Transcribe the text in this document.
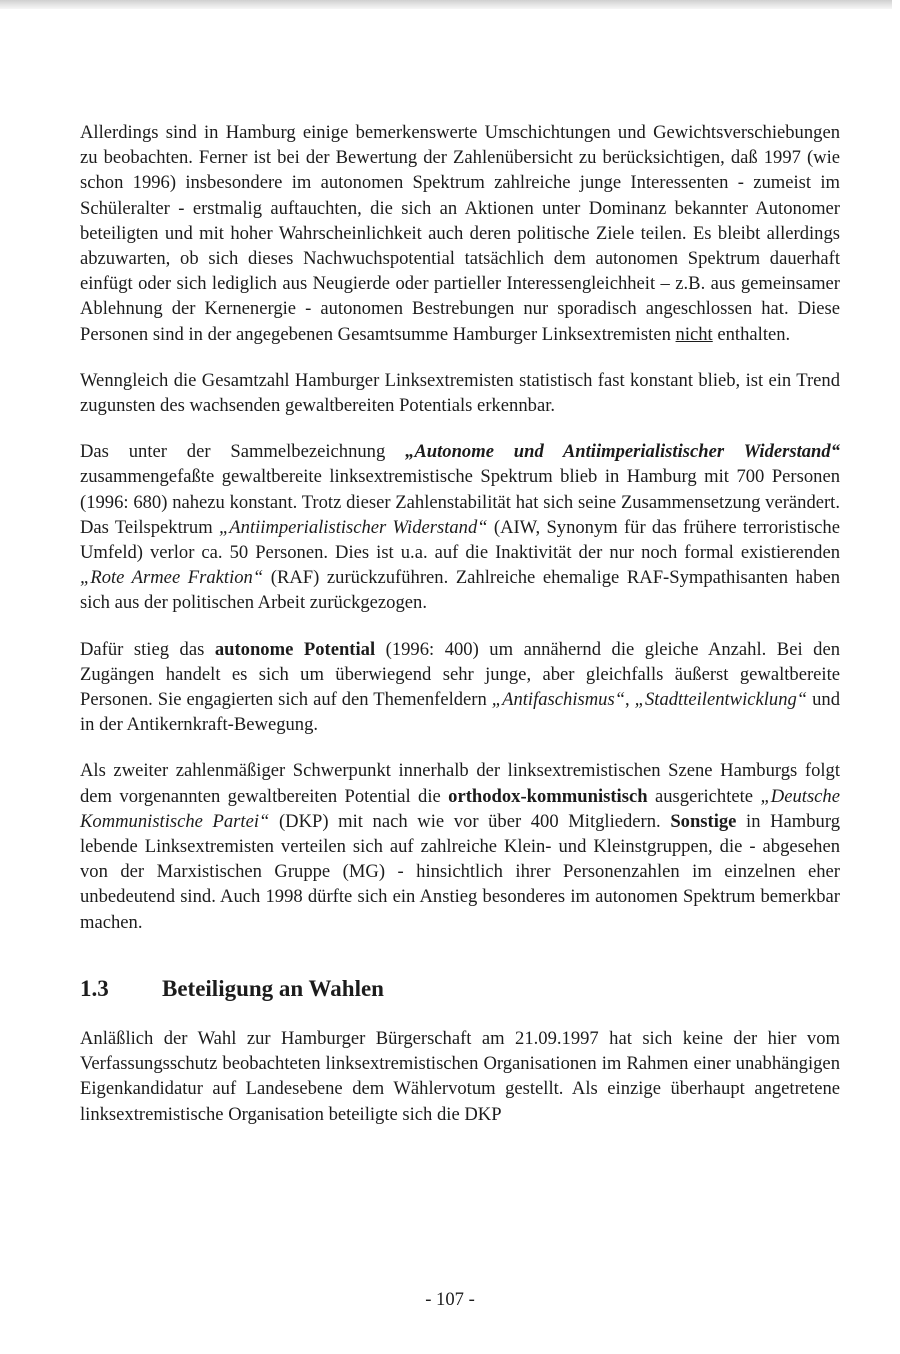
Allerdings sind in Hamburg einige bemerkenswerte Umschichtungen und Gewichtsverschiebungen zu beobachten. Ferner ist bei der Bewertung der Zahlenübersicht zu berücksichtigen, daß 1997 (wie schon 1996) insbesondere im autonomen Spektrum zahlreiche junge Interessenten - zumeist im Schüleralter - erstmalig auftauchten, die sich an Aktionen unter Dominanz bekannter Autonomer beteiligten und mit hoher Wahrscheinlichkeit auch deren politische Ziele teilen. Es bleibt allerdings abzuwarten, ob sich dieses Nachwuchspotential tatsächlich dem autonomen Spektrum dauerhaft einfügt oder sich lediglich aus Neugierde oder partieller Interessengleichheit – z.B. aus gemeinsamer Ablehnung der Kernenergie - autonomen Bestrebungen nur sporadisch angeschlossen hat. Diese Personen sind in der angegebenen Gesamtsumme Hamburger Linksextremisten nicht enthalten.

Wenngleich die Gesamtzahl Hamburger Linksextremisten statistisch fast konstant blieb, ist ein Trend zugunsten des wachsenden gewaltbereiten Potentials erkennbar.

Das unter der Sammelbezeichnung „Autonome und Antiimperialistischer Widerstand“ zusammengefaßte gewaltbereite linksextremistische Spektrum blieb in Hamburg mit 700 Personen (1996: 680) nahezu konstant. Trotz dieser Zahlenstabilität hat sich seine Zusammensetzung verändert. Das Teilspektrum „Antiimperialistischer Widerstand“ (AIW, Synonym für das frühere terroristische Umfeld) verlor ca. 50 Personen. Dies ist u.a. auf die Inaktivität der nur noch formal existierenden „Rote Armee Fraktion“ (RAF) zurückzuführen. Zahlreiche ehemalige RAF-Sympathisanten haben sich aus der politischen Arbeit zurückgezogen.

Dafür stieg das autonome Potential (1996: 400) um annähernd die gleiche Anzahl. Bei den Zugängen handelt es sich um überwiegend sehr junge, aber gleichfalls äußerst gewaltbereite Personen. Sie engagierten sich auf den Themenfeldern „Antifaschismus“, „Stadtteilentwicklung“ und in der Antikernkraft-Bewegung.

Als zweiter zahlenmäßiger Schwerpunkt innerhalb der linksextremistischen Szene Hamburgs folgt dem vorgenannten gewaltbereiten Potential die orthodox-kommunistisch ausgerichtete „Deutsche Kommunistische Partei“ (DKP) mit nach wie vor über 400 Mitgliedern. Sonstige in Hamburg lebende Linksextremisten verteilen sich auf zahlreiche Klein- und Kleinstgruppen, die - abgesehen von der Marxistischen Gruppe (MG) - hinsichtlich ihrer Personenzahlen im einzelnen eher unbedeutend sind. Auch 1998 dürfte sich ein Anstieg besonderes im autonomen Spektrum bemerkbar machen.

1.3 Beteiligung an Wahlen

Anläßlich der Wahl zur Hamburger Bürgerschaft am 21.09.1997 hat sich keine der hier vom Verfassungsschutz beobachteten linksextremistischen Organisationen im Rahmen einer unabhängigen Eigenkandidatur auf Landesebene dem Wählervotum gestellt. Als einzige überhaupt angetretene linksextremistische Organisation beteiligte sich die DKP

- 107 -
